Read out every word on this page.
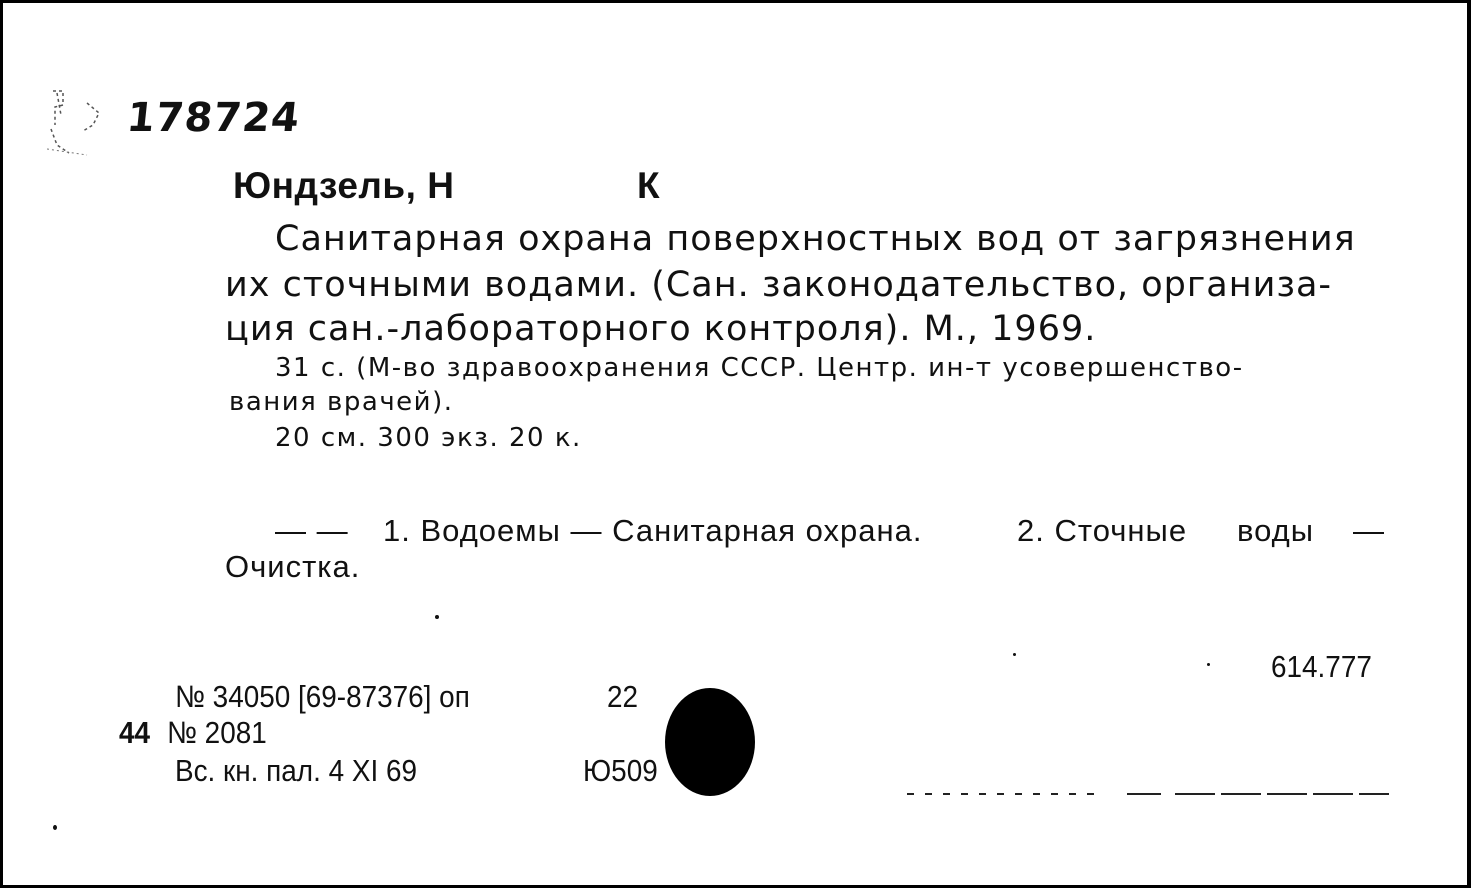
178724
Юндзель, Н	К
Санитарная охрана поверхностных вод от загрязнения
их сточными водами. (Сан. законодательство, организа-
ция сан.-лабораторного контроля). М., 1969.
31 с. (М-во здравоохранения СССР. Центр. ин-т усовершенство-
вания врачей).
20 см. 300 экз. 20 к.
— — 1. Водоемы — Санитарная охрана.	2. Сточные воды —
Очистка.
614.777
№ 34050 [69-87376] оп	22
44 № 2081
Вс. кн. пал. 4 XI 69	Ю509
